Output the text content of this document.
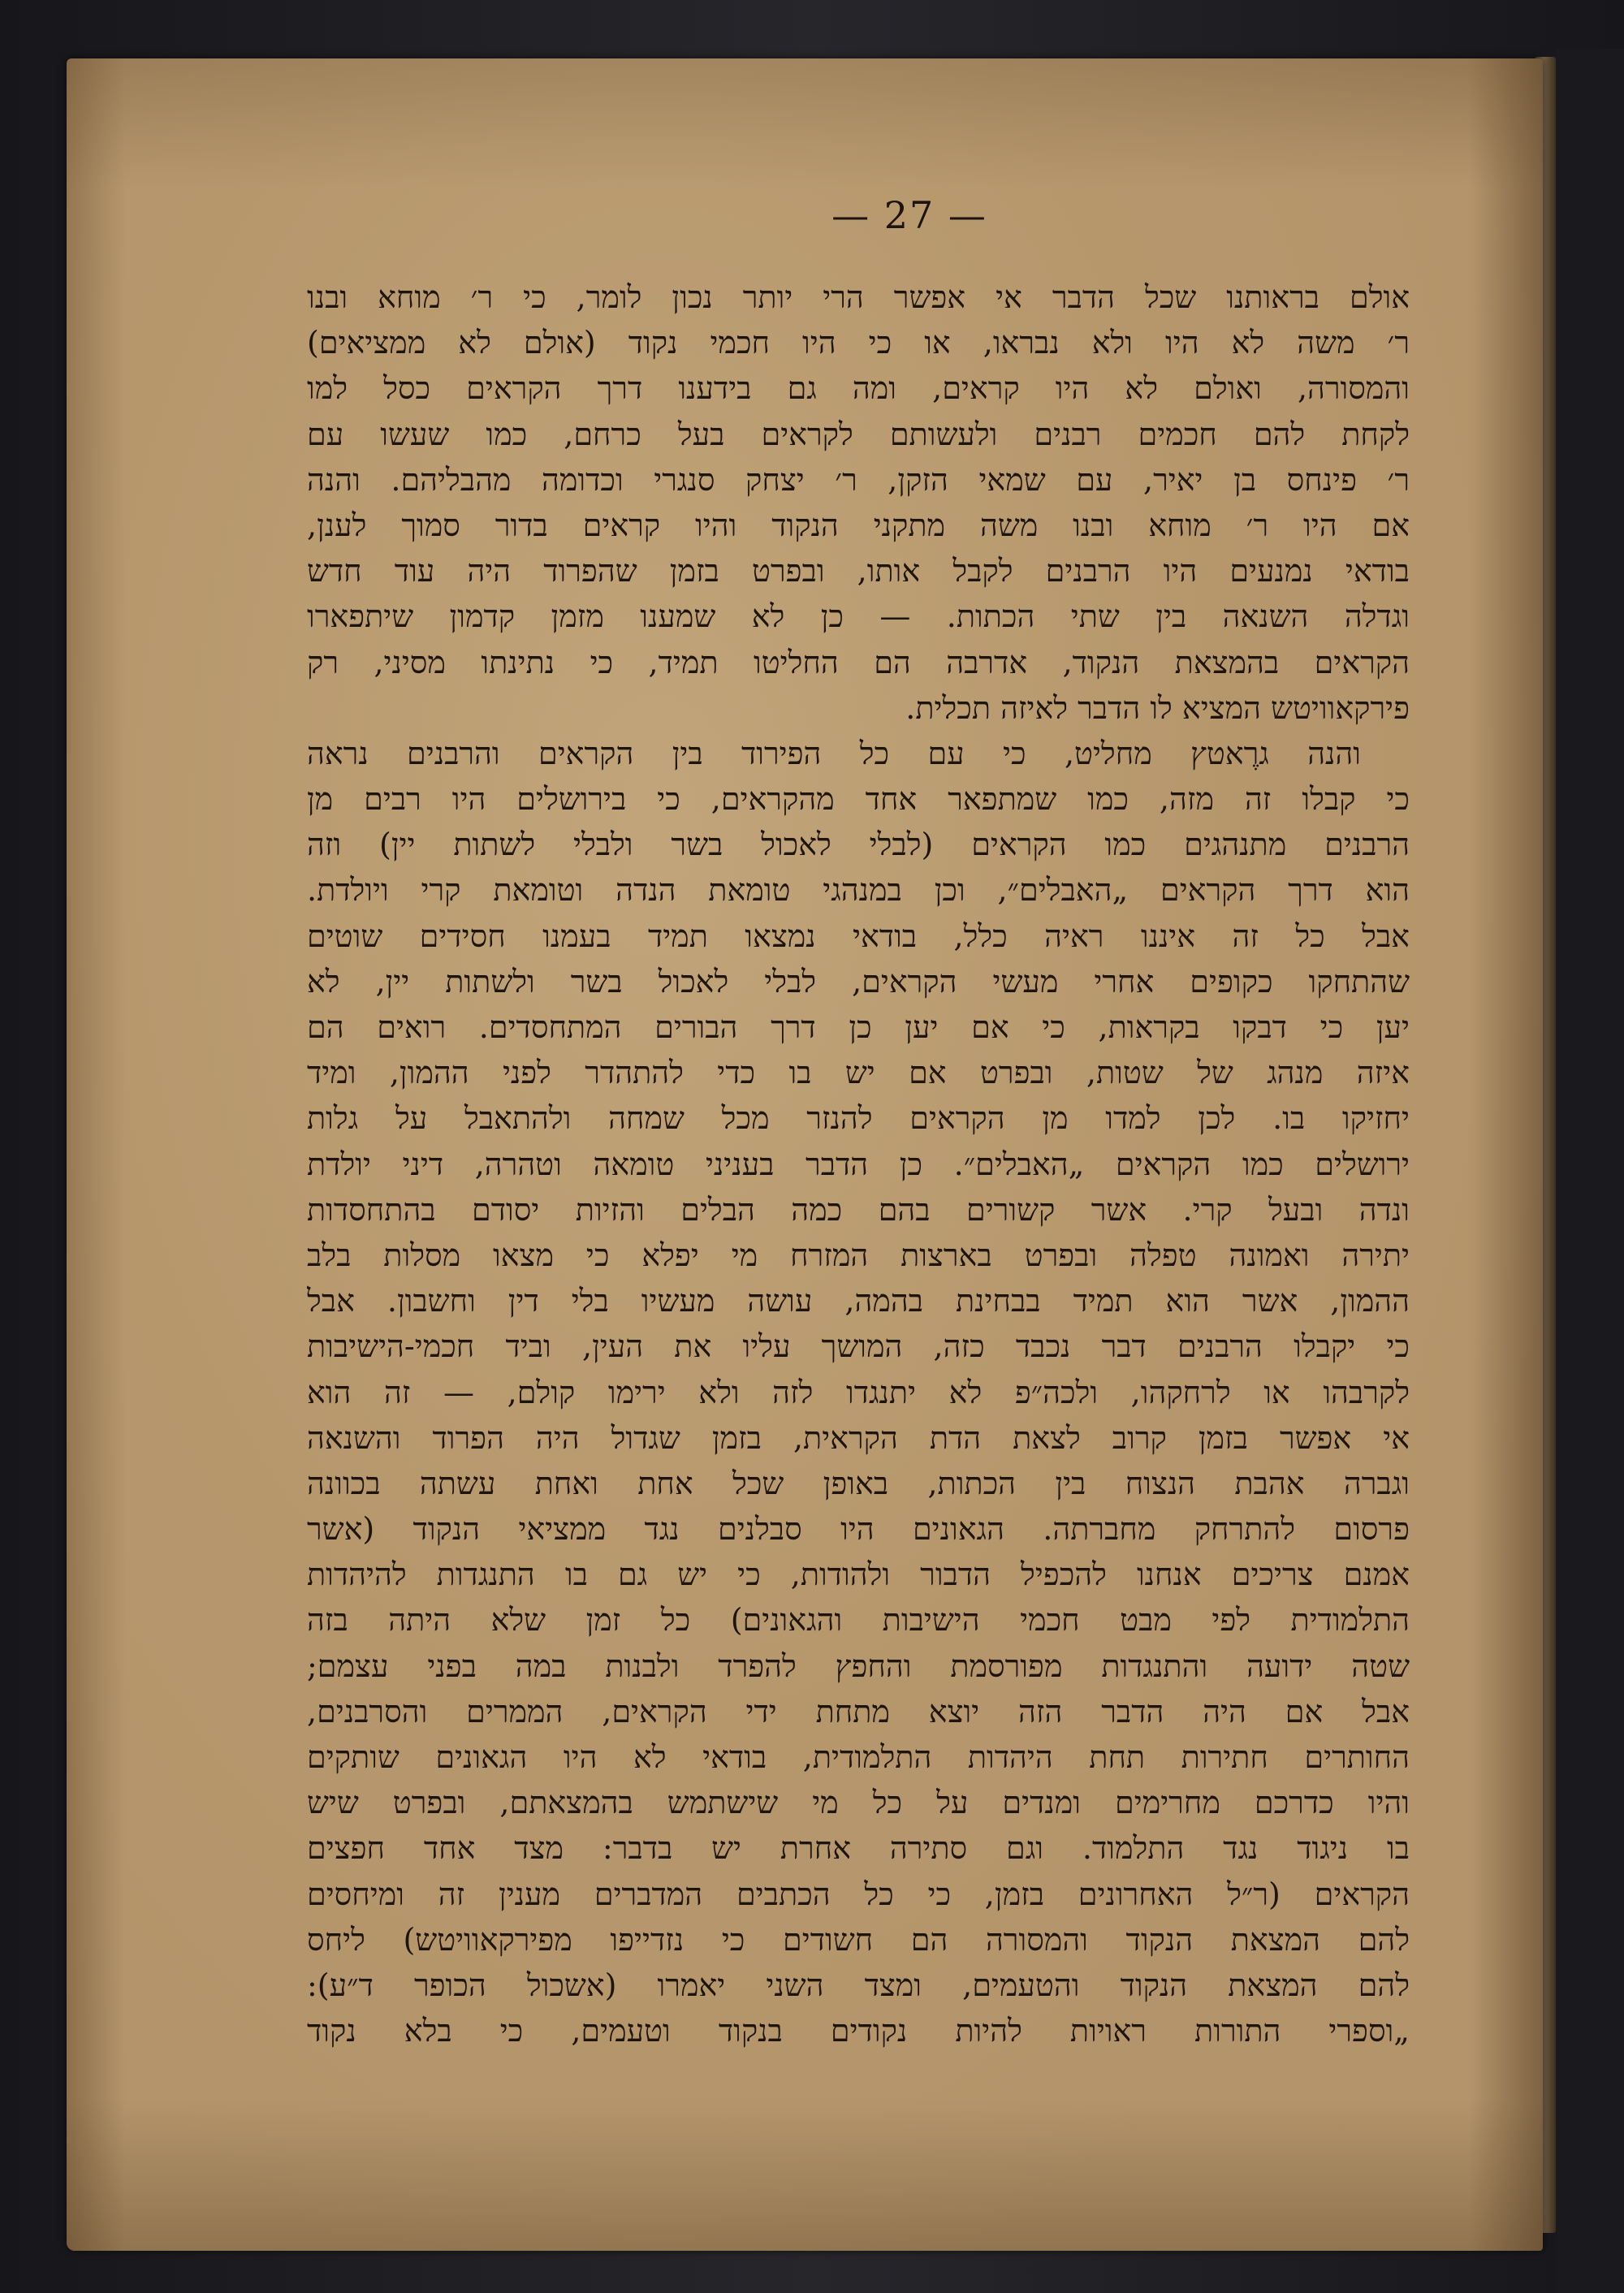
— 27 —
אולם בראותנו שכל הדבר אי אפשר הרי יותר נכון לומר, כי ר׳ מוחא ובנו
ר׳ משה לא היו ולא נבראו, או כי היו חכמי נקוד (אולם לא ממציאים)
והמסורה, ואולם לא היו קראים, ומה גם בידענו דרך הקראים כסל למו
לקחת להם חכמים רבנים ולעשותם לקראים בעל כרחם, כמו שעשו עם
ר׳ פינחס בן יאיר, עם שמאי הזקן, ר׳ יצחק סנגרי וכדומה מהבליהם. והנה
אם היו ר׳ מוחא ובנו משה מתקני הנקוד והיו קראים בדור סמוך לענן,
בודאי נמנעים היו הרבנים לקבל אותו, ובפרט בזמן שהפרוד היה עוד חדש
וגדלה השנאה בין שתי הכתות. — כן לא שמענו מזמן קדמון שיתפארו
הקראים בהמצאת הנקוד, אדרבה הם החליטו תמיד, כי נתינתו מסיני, רק
פירקאוויטש המציא לו הדבר לאיזה תכלית.
והנה גרֶאטץ מחליט, כי עם כל הפירוד בין הקראים והרבנים נראה
כי קבלו זה מזה, כמו שמתפאר אחד מהקראים, כי בירושלים היו רבים מן
הרבנים מתנהגים כמו הקראים (לבלי לאכול בשר ולבלי לשתות יין) וזה
הוא דרך הקראים „האבלים״, וכן במנהגי טומאת הנדה וטומאת קרי ויולדת.
אבל כל זה איננו ראיה כלל, בודאי נמצאו תמיד בעמנו חסידים שוטים
שהתחקו כקופים אחרי מעשי הקראים, לבלי לאכול בשר ולשתות יין, לא
יען כי דבקו בקראות, כי אם יען כן דרך הבורים המתחסדים. רואים הם
איזה מנהג של שטות, ובפרט אם יש בו כדי להתהדר לפני ההמון, ומיד
יחזיקו בו. לכן למדו מן הקראים להנזר מכל שמחה ולהתאבל על גלות
ירושלים כמו הקראים „האבלים״. כן הדבר בעניני טומאה וטהרה, דיני יולדת
ונדה ובעל קרי. אשר קשורים בהם כמה הבלים והזיות יסודם בהתחסדות
יתירה ואמונה טפלה ובפרט בארצות המזרח מי יפלא כי מצאו מסלות בלב
ההמון, אשר הוא תמיד בבחינת בהמה, עושה מעשיו בלי דין וחשבון. אבל
כי יקבלו הרבנים דבר נכבד כזה, המושך עליו את העין, וביד חכמי-הישיבות
לקרבהו או לרחקהו, ולכה״פ לא יתנגדו לזה ולא ירימו קולם, — זה הוא
אי אפשר בזמן קרוב לצאת הדת הקראית, בזמן שגדול היה הפרוד והשנאה
וגברה אהבת הנצוח בין הכתות, באופן שכל אחת ואחת עשתה בכוונה
פרסום להתרחק מחברתה. הגאונים היו סבלנים נגד ממציאי הנקוד (אשר
אמנם צריכים אנחנו להכפיל הדבור ולהודות, כי יש גם בו התנגדות להיהדות
התלמודית לפי מבט חכמי הישיבות והגאונים) כל זמן שלא היתה בזה
שטה ידועה והתנגדות מפורסמת והחפץ להפרד ולבנות במה בפני עצמם;
אבל אם היה הדבר הזה יוצא מתחת ידי הקראים, הממרים והסרבנים,
החותרים חתירות תחת היהדות התלמודית, בודאי לא היו הגאונים שותקים
והיו כדרכם מחרימים ומנדים על כל מי שישתמש בהמצאתם, ובפרט שיש
בו ניגוד נגד התלמוד. וגם סתירה אחרת יש בדבר: מצד אחד חפצים
הקראים (ר״ל האחרונים בזמן, כי כל הכתבים המדברים מענין זה ומיחסים
להם המצאת הנקוד והמסורה הם חשודים כי נזדייפו מפירקאוויטש) ליחס
להם המצאת הנקוד והטעמים, ומצד השני יאמרו (אשכול הכופר ד״ע):
„וספרי התורות ראויות להיות נקודים בנקוד וטעמים, כי בלא נקוד
